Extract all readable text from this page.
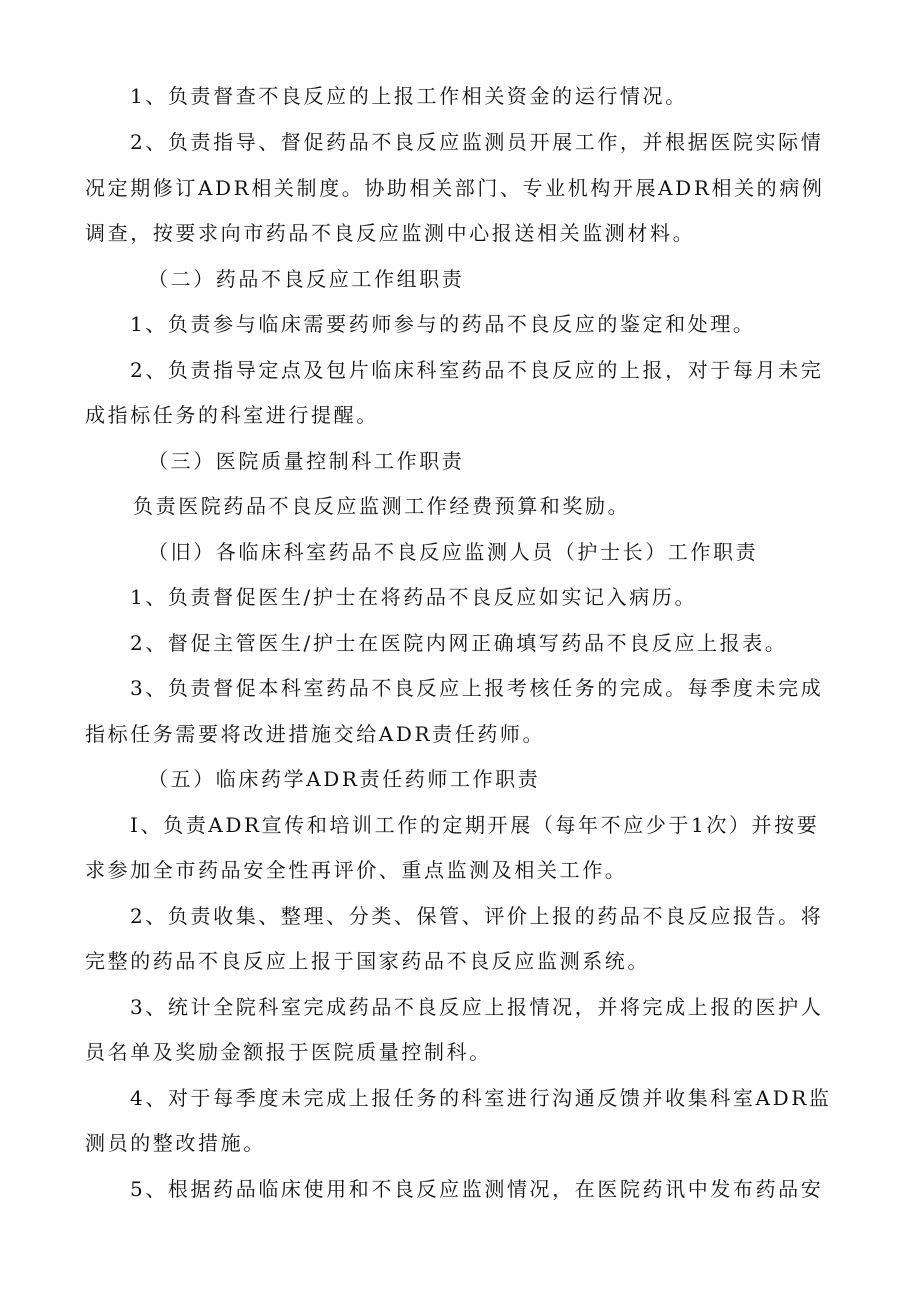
1、负责督查不良反应的上报工作相关资金的运行情况。
2、负责指导、督促药品不良反应监测员开展工作，并根据医院实际情
况定期修订ADR相关制度。协助相关部门、专业机构开展ADR相关的病例
调查，按要求向市药品不良反应监测中心报送相关监测材料。
（二）药品不良反应工作组职责
1、负责参与临床需要药师参与的药品不良反应的鉴定和处理。
2、负责指导定点及包片临床科室药品不良反应的上报，对于每月未完
成指标任务的科室进行提醒。
（三）医院质量控制科工作职责
负责医院药品不良反应监测工作经费预算和奖励。
（旧）各临床科室药品不良反应监测人员（护士长）工作职责
1、负责督促医生/护士在将药品不良反应如实记入病历。
2、督促主管医生/护士在医院内网正确填写药品不良反应上报表。
3、负责督促本科室药品不良反应上报考核任务的完成。每季度未完成
指标任务需要将改进措施交给ADR责任药师。
（五）临床药学ADR责任药师工作职责
I、负责ADR宣传和培训工作的定期开展（每年不应少于1次）并按要
求参加全市药品安全性再评价、重点监测及相关工作。
2、负责收集、整理、分类、保管、评价上报的药品不良反应报告。将
完整的药品不良反应上报于国家药品不良反应监测系统。
3、统计全院科室完成药品不良反应上报情况，并将完成上报的医护人
员名单及奖励金额报于医院质量控制科。
4、对于每季度未完成上报任务的科室进行沟通反馈并收集科室ADR监
测员的整改措施。
5、根据药品临床使用和不良反应监测情况，在医院药讯中发布药品安
